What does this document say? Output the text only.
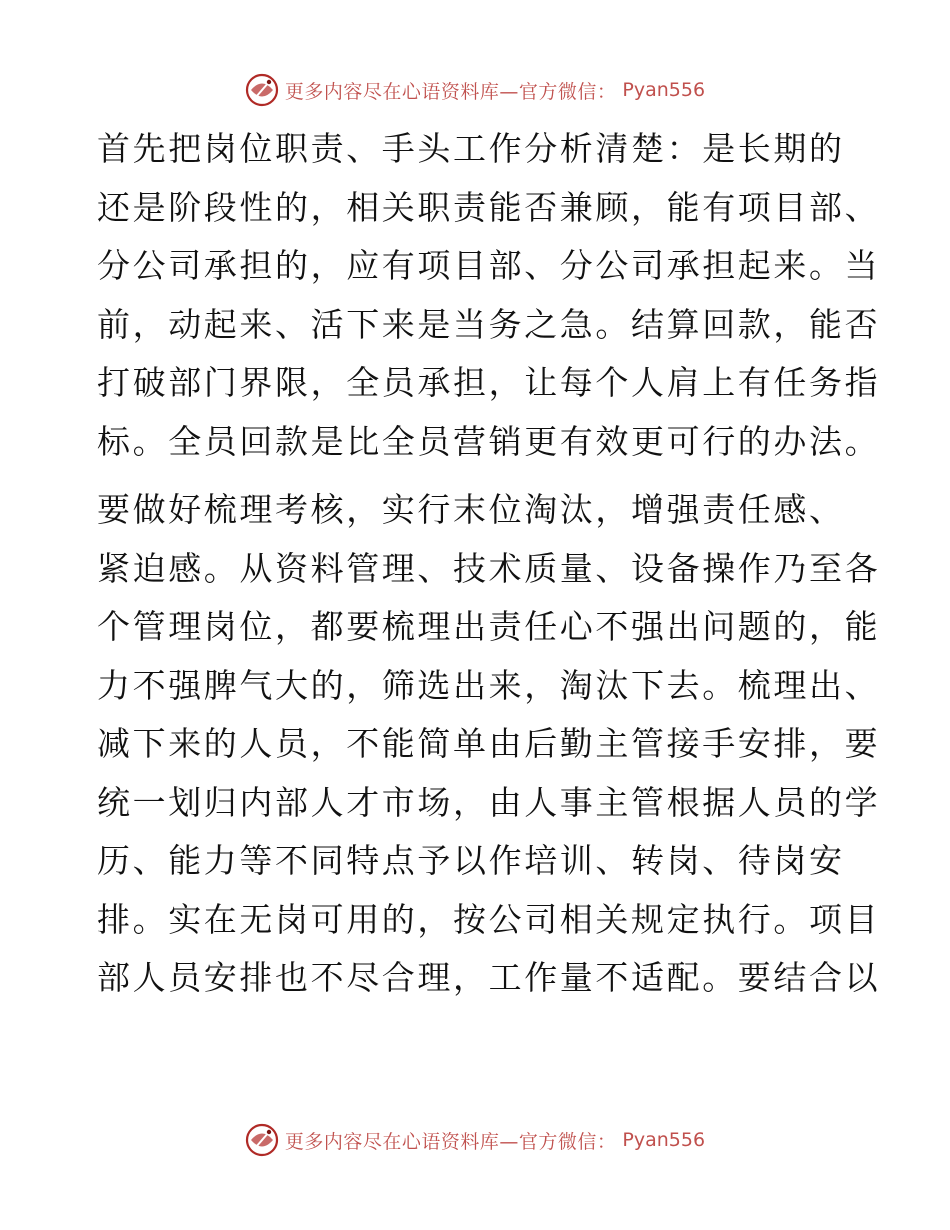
更多内容尽在心语资料库—官方微信： Pyan556
首先把岗位职责、手头工作分析清楚：是长期的
还是阶段性的，相关职责能否兼顾，能有项目部、
分公司承担的，应有项目部、分公司承担起来。当
前，动起来、活下来是当务之急。结算回款，能否
打破部门界限，全员承担，让每个人肩上有任务指
标。全员回款是比全员营销更有效更可行的办法。
要做好梳理考核，实行末位淘汰，增强责任感、
紧迫感。从资料管理、技术质量、设备操作乃至各
个管理岗位，都要梳理出责任心不强出问题的，能
力不强脾气大的，筛选出来，淘汰下去。梳理出、
减下来的人员，不能简单由后勤主管接手安排，要
统一划归内部人才市场，由人事主管根据人员的学
历、能力等不同特点予以作培训、转岗、待岗安
排。实在无岗可用的，按公司相关规定执行。项目
部人员安排也不尽合理，工作量不适配。要结合以
更多内容尽在心语资料库—官方微信： Pyan556
